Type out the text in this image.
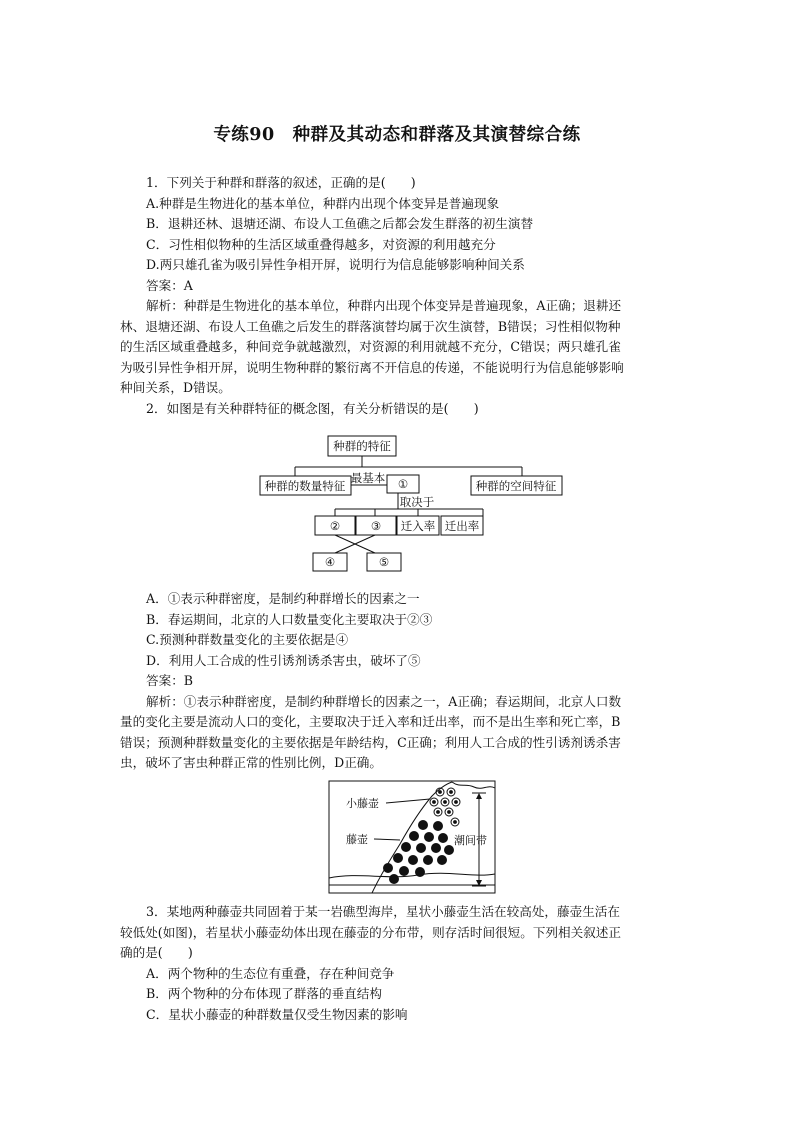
专练90　种群及其动态和群落及其演替综合练
1．下列关于种群和群落的叙述，正确的是(　　)
A.种群是生物进化的基本单位，种群内出现个体变异是普遍现象
B．退耕还林、退塘还湖、布设人工鱼礁之后都会发生群落的初生演替
C．习性相似物种的生活区域重叠得越多，对资源的利用越充分
D.两只雄孔雀为吸引异性争相开屏，说明行为信息能够影响种间关系
答案：A
解析：种群是生物进化的基本单位，种群内出现个体变异是普遍现象，A正确；退耕还
林、退塘还湖、布设人工鱼礁之后发生的群落演替均属于次生演替，B错误；习性相似物种
的生活区域重叠越多，种间竞争就越激烈，对资源的利用就越不充分，C错误；两只雄孔雀
为吸引异性争相开屏，说明生物种群的繁衍离不开信息的传递，不能说明行为信息能够影响
种间关系，D错误。
2．如图是有关种群特征的概念图，有关分析错误的是(　　)
种群的特征
种群的数量特征	种群的空间特征
最基本 ①
取决于
②	③ 迁入率 迁出率
④	⑤
A．①表示种群密度，是制约种群增长的因素之一
B．春运期间，北京的人口数量变化主要取决于②③
C.预测种群数量变化的主要依据是④
D．利用人工合成的性引诱剂诱杀害虫，破坏了⑤
答案：B
解析：①表示种群密度，是制约种群增长的因素之一，A正确；春运期间，北京人口数
量的变化主要是流动人口的变化，主要取决于迁入率和迁出率，而不是出生率和死亡率，B
错误；预测种群数量变化的主要依据是年龄结构，C正确；利用人工合成的性引诱剂诱杀害
虫，破坏了害虫种群正常的性别比例，D正确。
小藤壶
藤壶	潮间带
3．某地两种藤壶共同固着于某一岩礁型海岸，星状小藤壶生活在较高处，藤壶生活在
较低处(如图)，若星状小藤壶幼体出现在藤壶的分布带，则存活时间很短。下列相关叙述正
确的是(　　)
A．两个物种的生态位有重叠，存在种间竞争
B．两个物种的分布体现了群落的垂直结构
C．星状小藤壶的种群数量仅受生物因素的影响
